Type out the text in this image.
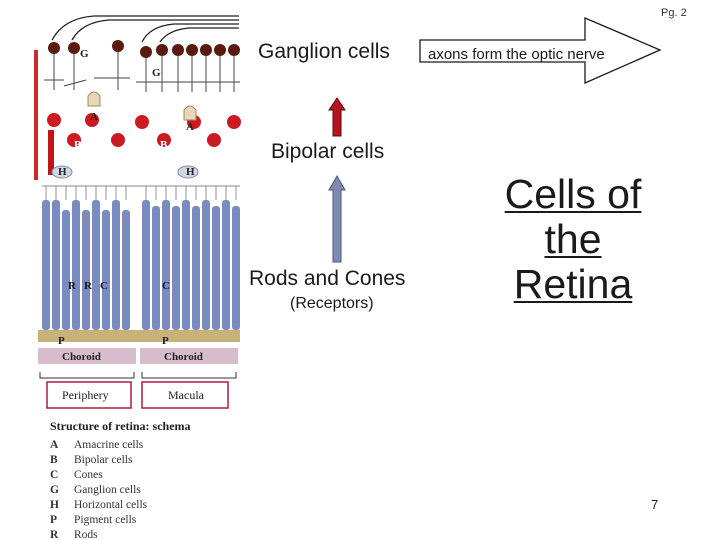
G
G
A
A
B	B
H	H
R R C	C
P	P
Choroid	Choroid
Periphery	Macula
Structure of retina: schema
A Amacrine cells
B Bipolar cells
C Cones
G Ganglion cells
H Horizontal cells
P Pigment cells
R Rods
Pg. 2
Ganglion cells	axons form the optic nerve
Bipolar cells
Rods and Cones
(Receptors)
Cells of the Retina
7
